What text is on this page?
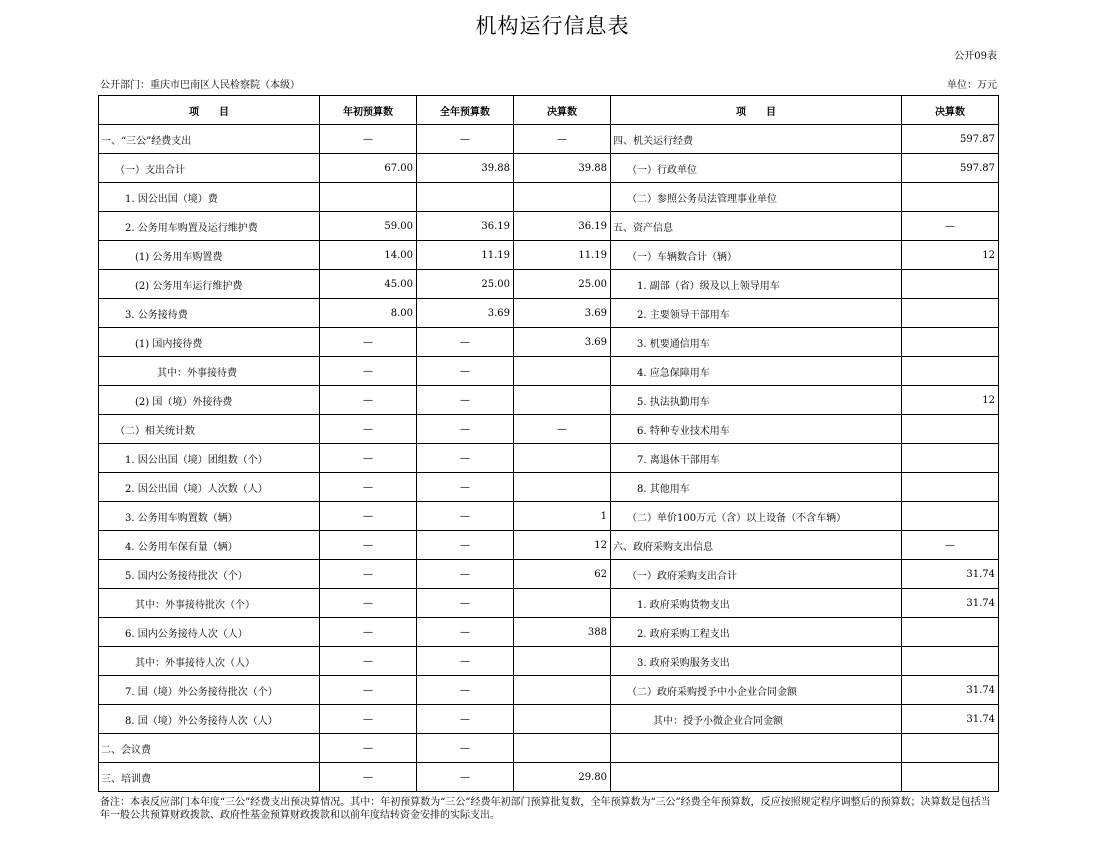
机构运行信息表
公开09表
公开部门：重庆市巴南区人民检察院（本级）	单位：万元
项　　目	年初预算数	全年预算数	决算数	项　　目	决算数
一、“三公”经费支出	—	—	—	四、机关运行经费	597.87
（一）支出合计	67.00	39.88	39.88	（一）行政单位	597.87
1. 因公出国（境）费				（二）参照公务员法管理事业单位	
2. 公务用车购置及运行维护费	59.00	36.19	36.19	五、资产信息	—
(1) 公务用车购置费	14.00	11.19	11.19	（一）车辆数合计（辆）	12
(2) 公务用车运行维护费	45.00	25.00	25.00	1. 副部（省）级及以上领导用车	
3. 公务接待费	8.00	3.69	3.69	2. 主要领导干部用车	
(1) 国内接待费	—	—	3.69	3. 机要通信用车	
其中：外事接待费	—	—		4. 应急保障用车	
(2) 国（境）外接待费	—	—		5. 执法执勤用车	12
（二）相关统计数	—	—	—	6. 特种专业技术用车	
1. 因公出国（境）团组数（个）	—	—		7. 离退休干部用车	
2. 因公出国（境）人次数（人）	—	—		8. 其他用车	
3. 公务用车购置数（辆）	—	—	1	（二）单价100万元（含）以上设备（不含车辆）	
4. 公务用车保有量（辆）	—	—	12	六、政府采购支出信息	—
5. 国内公务接待批次（个）	—	—	62	（一）政府采购支出合计	31.74
其中：外事接待批次（个）	—	—		1. 政府采购货物支出	31.74
6. 国内公务接待人次（人）	—	—	388	2. 政府采购工程支出	
其中：外事接待人次（人）	—	—		3. 政府采购服务支出	
7. 国（境）外公务接待批次（个）	—	—		（二）政府采购授予中小企业合同金额	31.74
8. 国（境）外公务接待人次（人）	—	—		其中：授予小微企业合同金额	31.74
二、会议费	—	—			
三、培训费	—	—	29.80		
备注：本表反应部门本年度“三公”经费支出预决算情况。其中：年初预算数为“三公”经费年初部门预算批复数，全年预算数为“三公”经费全年预算数，反应按照规定程序调整后的预算数；决算数是包括当年一般公共预算财政拨款、政府性基金预算财政拨款和以前年度结转资金安排的实际支出。
